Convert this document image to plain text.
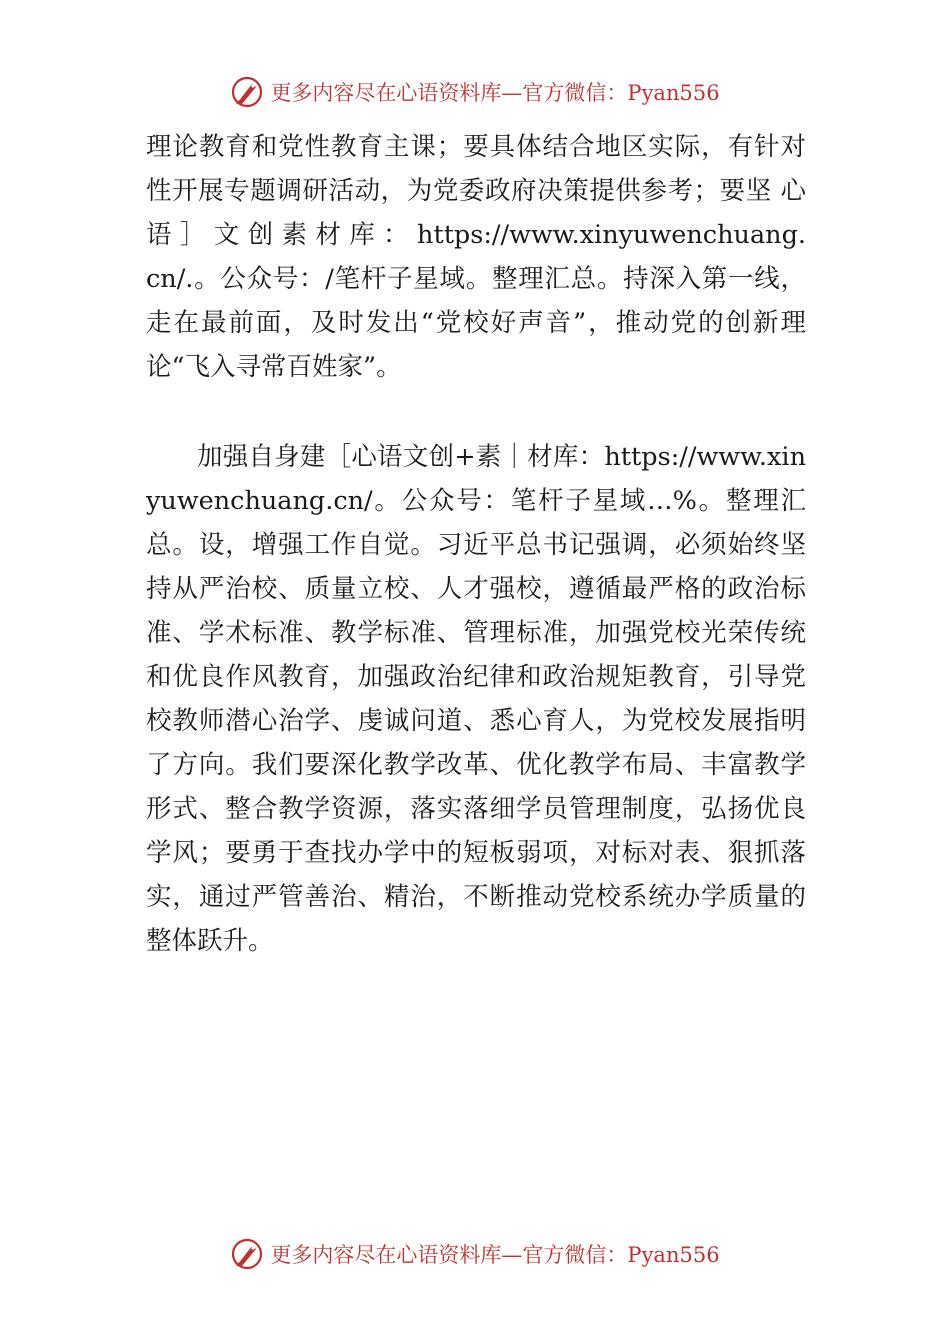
更多内容尽在心语资料库—官方微信：Pyan556

理论教育和党性教育主课；要具体结合地区实际，有针对性开展专题调研活动，为党委政府决策提供参考；要坚 心 语 ］ 文 创 素 材 库 ： https://www.xinyuwenchuang.cn/.。公众号：/笔杆子星域。整理汇总。持深入第一线，走在最前面，及时发出“党校好声音”，推动党的创新理论“飞入寻常百姓家”。

加强自身建［心语文创+素｜材库：https://www.xinyuwenchuang.cn/。公众号：笔杆子星域…%。整理汇总。设，增强工作自觉。习近平总书记强调，必须始终坚持从严治校、质量立校、人才强校，遵循最严格的政治标准、学术标准、教学标准、管理标准，加强党校光荣传统和优良作风教育，加强政治纪律和政治规矩教育，引导党校教师潜心治学、虔诚问道、悉心育人，为党校发展指明了方向。我们要深化教学改革、优化教学布局、丰富教学形式、整合教学资源，落实落细学员管理制度，弘扬优良学风；要勇于查找办学中的短板弱项，对标对表、狠抓落实，通过严管善治、精治，不断推动党校系统办学质量的整体跃升。

更多内容尽在心语资料库—官方微信：Pyan556
